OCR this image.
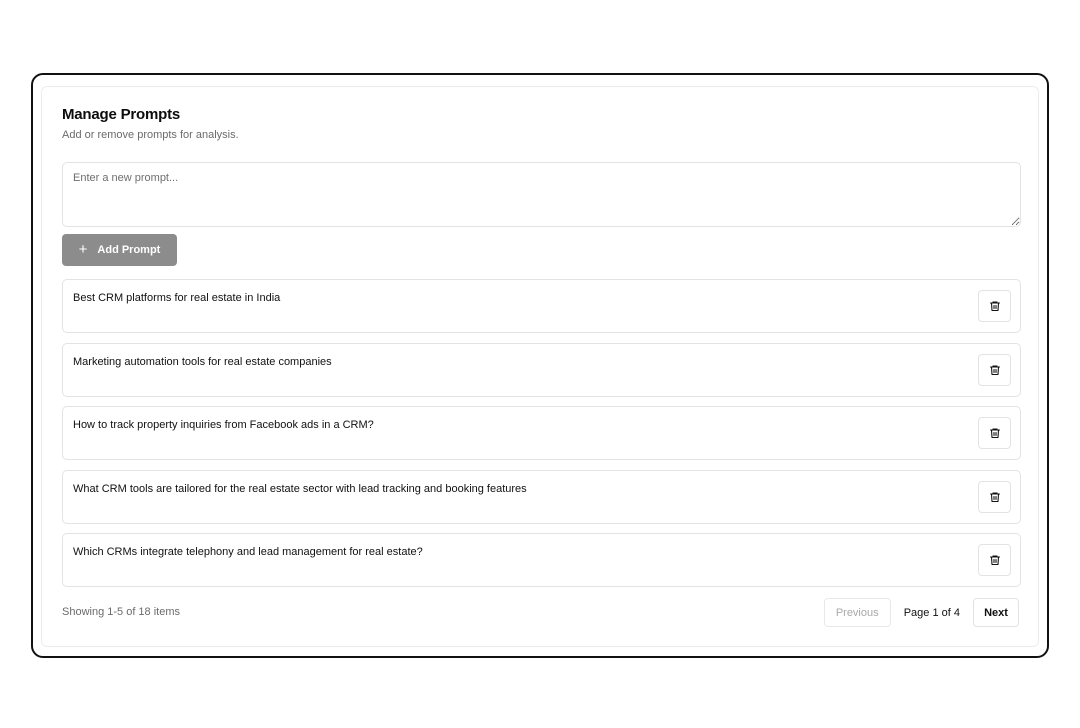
Manage Prompts
Add or remove prompts for analysis.
Enter a new prompt...
+ Add Prompt
Best CRM platforms for real estate in India
Marketing automation tools for real estate companies
How to track property inquiries from Facebook ads in a CRM?
What CRM tools are tailored for the real estate sector with lead tracking and booking features
Which CRMs integrate telephony and lead management for real estate?
Showing 1-5 of 18 items	Previous	Page 1 of 4	Next
